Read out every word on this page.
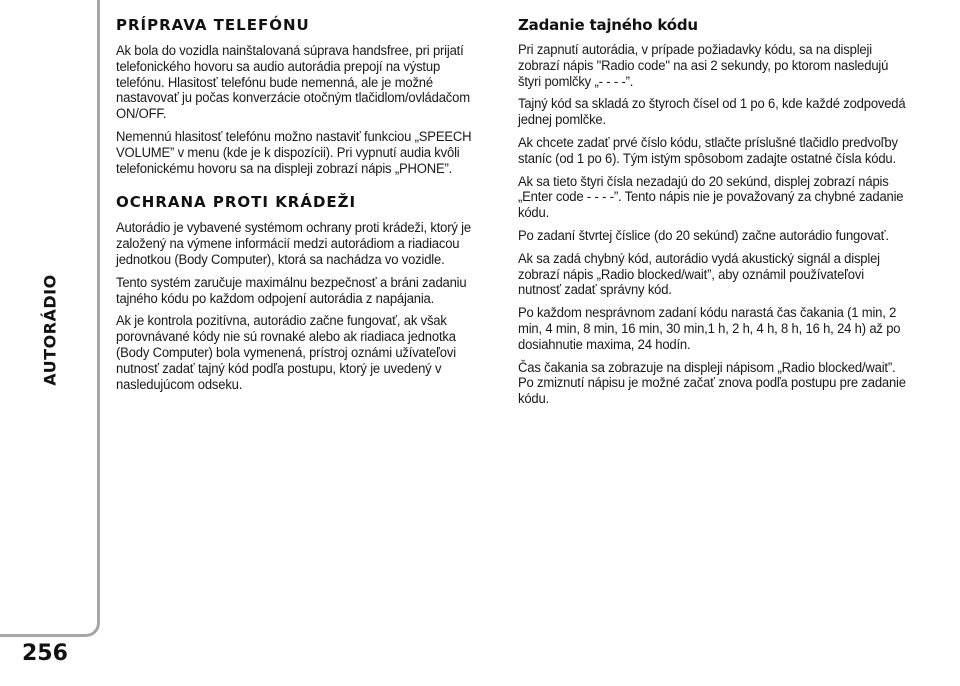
AUTORÁDIO
256
PRÍPRAVA TELEFÓNU

Ak bola do vozidla nainštalovaná súprava handsfree, pri prijatí telefonického hovoru sa audio autorádia prepojí na výstup telefónu. Hlasitosť telefónu bude nemenná, ale je možné nastavovať ju počas konverzácie otočným tlačidlom/ovládačom ON/OFF.

Nemennú hlasitosť telefónu možno nastaviť funkciou „SPEECH VOLUME” v menu (kde je k dispozícii). Pri vypnutí audia kvôli telefonickému hovoru sa na displeji zobrazí nápis „PHONE”.

OCHRANA PROTI KRÁDEŽI

Autorádio je vybavené systémom ochrany proti krádeži, ktorý je založený na výmene informácií medzi autorádiom a riadiacou jednotkou (Body Computer), ktorá sa nachádza vo vozidle.

Tento systém zaručuje maximálnu bezpečnosť a bráni zadaniu tajného kódu po každom odpojení autorádia z napájania.

Ak je kontrola pozitívna, autorádio začne fungovať, ak však porovnávané kódy nie sú rovnaké alebo ak riadiaca jednotka (Body Computer) bola vymenená, prístroj oznámi užívateľovi nutnosť zadať tajný kód podľa postupu, ktorý je uvedený v nasledujúcom odseku.

Zadanie tajného kódu

Pri zapnutí autorádia, v prípade požiadavky kódu, sa na displeji zobrazí nápis "Radio code" na asi 2 sekundy, po ktorom nasledujú štyri pomlčky „- - - -”.

Tajný kód sa skladá zo štyroch čísel od 1 po 6, kde každé zodpovedá jednej pomlčke.

Ak chcete zadať prvé číslo kódu, stlačte príslušné tlačidlo predvoľby staníc (od 1 po 6). Tým istým spôsobom zadajte ostatné čísla kódu.

Ak sa tieto štyri čísla nezadajú do 20 sekúnd, displej zobrazí nápis „Enter code - - - -”. Tento nápis nie je považovaný za chybné zadanie kódu.

Po zadaní štvrtej číslice (do 20 sekúnd) začne autorádio fungovať.

Ak sa zadá chybný kód, autorádio vydá akustický signál a displej zobrazí nápis „Radio blocked/wait”, aby oznámil používateľovi nutnosť zadať správny kód.

Po každom nesprávnom zadaní kódu narastá čas čakania (1 min, 2 min, 4 min, 8 min, 16 min, 30 min,1 h, 2 h, 4 h, 8 h, 16 h, 24 h) až po dosiahnutie maxima, 24 hodín.

Čas čakania sa zobrazuje na displeji nápisom „Radio blocked/wait”. Po zmiznutí nápisu je možné začať znova podľa postupu pre zadanie kódu.
